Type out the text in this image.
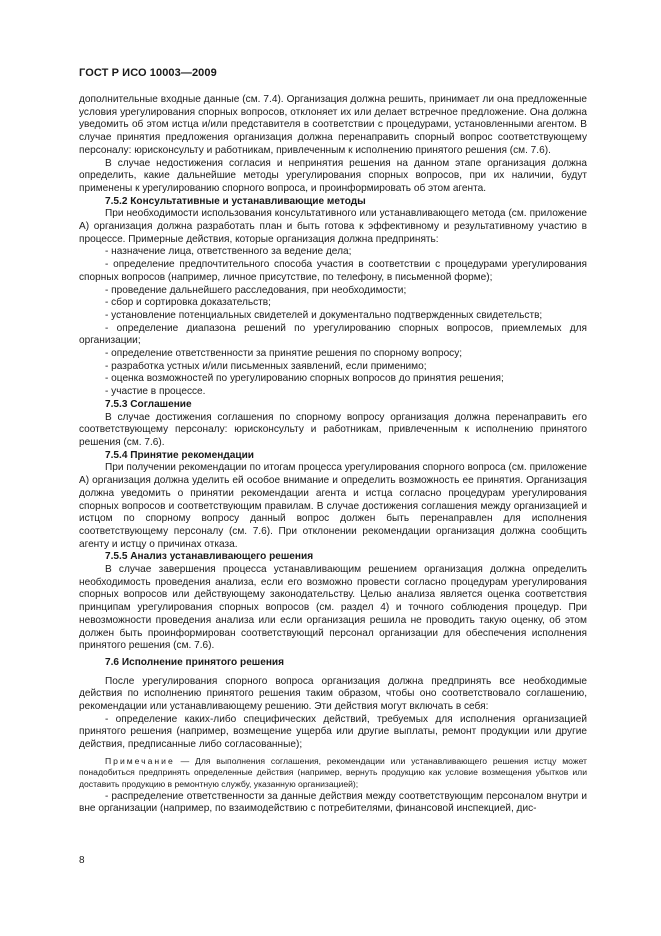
ГОСТ Р ИСО 10003—2009

дополнительные входные данные (см. 7.4). Организация должна решить, принимает ли она предложенные условия урегулирования спорных вопросов, отклоняет их или делает встречное предложение. Она должна уведомить об этом истца и/или представителя в соответствии с процедурами, установленными агентом. В случае принятия предложения организация должна перенаправить спорный вопрос соответствующему персоналу: юрисконсульту и работникам, привлеченным к исполнению принятого решения (см. 7.6).

В случае недостижения согласия и непринятия решения на данном этапе организация должна определить, какие дальнейшие методы урегулирования спорных вопросов, при их наличии, будут применены к урегулированию спорного вопроса, и проинформировать об этом агента.

7.5.2 Консультативные и устанавливающие методы

При необходимости использования консультативного или устанавливающего метода (см. приложение А) организация должна разработать план и быть готова к эффективному и результативному участию в процессе. Примерные действия, которые организация должна предпринять:

- назначение лица, ответственного за ведение дела;

- определение предпочтительного способа участия в соответствии с процедурами урегулирования спорных вопросов (например, личное присутствие, по телефону, в письменной форме);

- проведение дальнейшего расследования, при необходимости;

- сбор и сортировка доказательств;

- установление потенциальных свидетелей и документально подтвержденных свидетельств;

- определение диапазона решений по урегулированию спорных вопросов, приемлемых для организации;

- определение ответственности за принятие решения по спорному вопросу;

- разработка устных и/или письменных заявлений, если применимо;

- оценка возможностей по урегулированию спорных вопросов до принятия решения;

- участие в процессе.

7.5.3 Соглашение

В случае достижения соглашения по спорному вопросу организация должна перенаправить его соответствующему персоналу: юрисконсульту и работникам, привлеченным к исполнению принятого решения (см. 7.6).

7.5.4 Принятие рекомендации

При получении рекомендации по итогам процесса урегулирования спорного вопроса (см. приложение А) организация должна уделить ей особое внимание и определить возможность ее принятия. Организация должна уведомить о принятии рекомендации агента и истца согласно процедурам урегулирования спорных вопросов и соответствующим правилам. В случае достижения соглашения между организацией и истцом по спорному вопросу данный вопрос должен быть перенаправлен для исполнения соответствующему персоналу (см. 7.6). При отклонении рекомендации организация должна сообщить агенту и истцу о причинах отказа.

7.5.5 Анализ устанавливающего решения

В случае завершения процесса устанавливающим решением организация должна определить необходимость проведения анализа, если его возможно провести согласно процедурам урегулирования спорных вопросов или действующему законодательству. Целью анализа является оценка соответствия принципам урегулирования спорных вопросов (см. раздел 4) и точного соблюдения процедур. При невозможности проведения анализа или если организация решила не проводить такую оценку, об этом должен быть проинформирован соответствующий персонал организации для обеспечения исполнения принятого решения (см. 7.6).

7.6 Исполнение принятого решения

После урегулирования спорного вопроса организация должна предпринять все необходимые действия по исполнению принятого решения таким образом, чтобы оно соответствовало соглашению, рекомендации или устанавливающему решению. Эти действия могут включать в себя:

- определение каких-либо специфических действий, требуемых для исполнения организацией принятого решения (например, возмещение ущерба или другие выплаты, ремонт продукции или другие действия, предписанные либо согласованные);

Примечание — Для выполнения соглашения, рекомендации или устанавливающего решения истцу может понадобиться предпринять определенные действия (например, вернуть продукцию как условие возмещения убытков или доставить продукцию в ремонтную службу, указанную организацией);

- распределение ответственности за данные действия между соответствующим персоналом внутри и вне организации (например, по взаимодействию с потребителями, финансовой инспекцией, дис-

8
